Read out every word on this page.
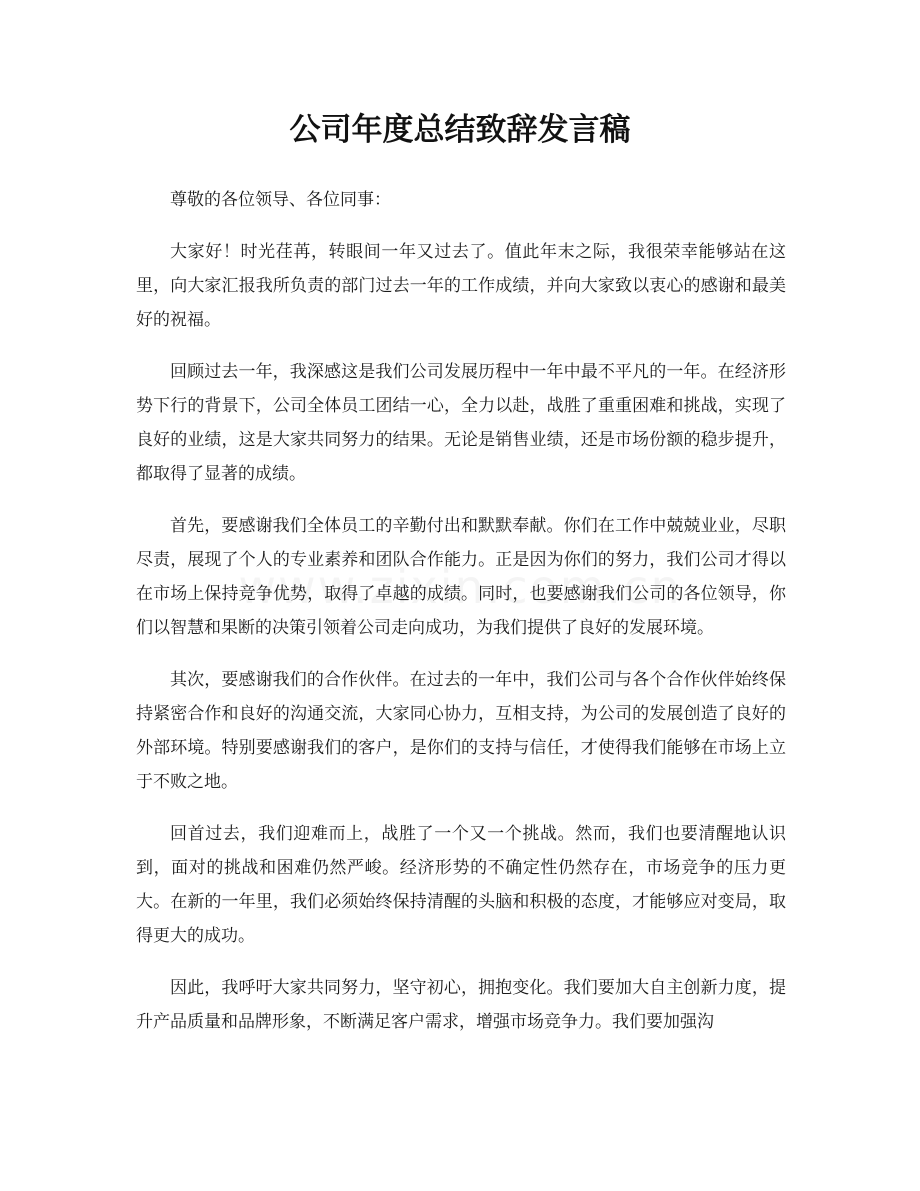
公司年度总结致辞发言稿

尊敬的各位领导、各位同事：

大家好！时光荏苒，转眼间一年又过去了。值此年末之际，我很荣幸能够站在这里，向大家汇报我所负责的部门过去一年的工作成绩，并向大家致以衷心的感谢和最美好的祝福。

回顾过去一年，我深感这是我们公司发展历程中一年中最不平凡的一年。在经济形势下行的背景下，公司全体员工团结一心，全力以赴，战胜了重重困难和挑战，实现了良好的业绩，这是大家共同努力的结果。无论是销售业绩，还是市场份额的稳步提升，都取得了显著的成绩。

首先，要感谢我们全体员工的辛勤付出和默默奉献。你们在工作中兢兢业业，尽职尽责，展现了个人的专业素养和团队合作能力。正是因为你们的努力，我们公司才得以在市场上保持竞争优势，取得了卓越的成绩。同时，也要感谢我们公司的各位领导，你们以智慧和果断的决策引领着公司走向成功，为我们提供了良好的发展环境。

其次，要感谢我们的合作伙伴。在过去的一年中，我们公司与各个合作伙伴始终保持紧密合作和良好的沟通交流，大家同心协力，互相支持，为公司的发展创造了良好的外部环境。特别要感谢我们的客户，是你们的支持与信任，才使得我们能够在市场上立于不败之地。

回首过去，我们迎难而上，战胜了一个又一个挑战。然而，我们也要清醒地认识到，面对的挑战和困难仍然严峻。经济形势的不确定性仍然存在，市场竞争的压力更大。在新的一年里，我们必须始终保持清醒的头脑和积极的态度，才能够应对变局，取得更大的成功。

因此，我呼吁大家共同努力，坚守初心，拥抱变化。我们要加大自主创新力度，提升产品质量和品牌形象，不断满足客户需求，增强市场竞争力。我们要加强沟
